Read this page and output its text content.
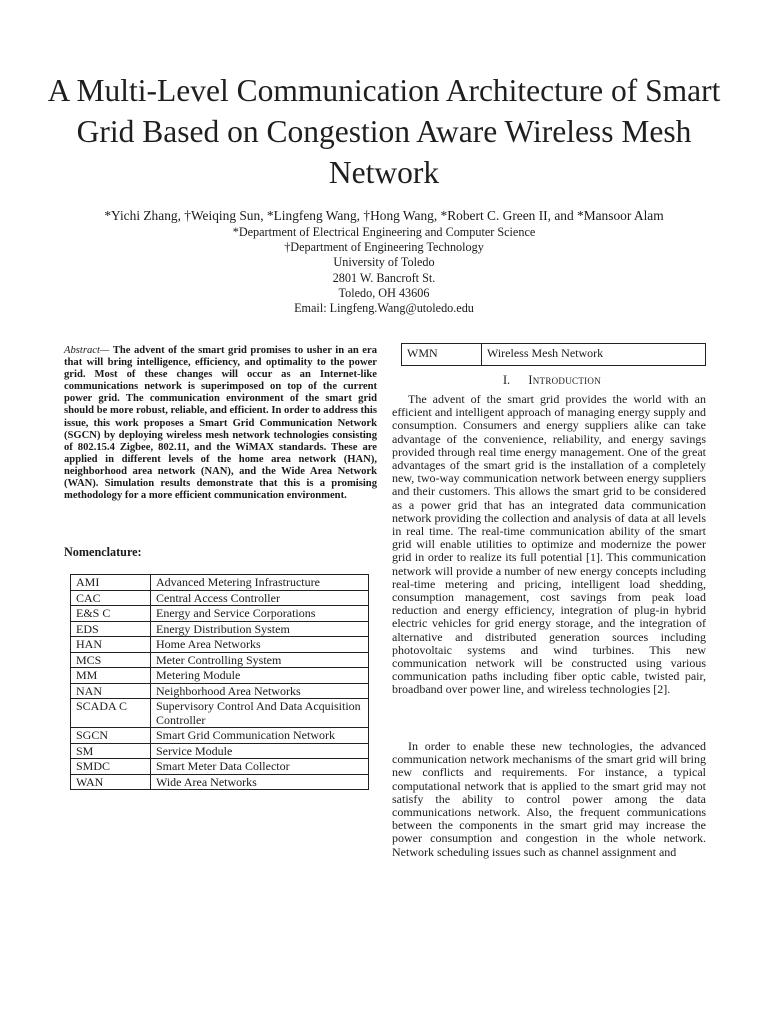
A Multi-Level Communication Architecture of Smart Grid Based on Congestion Aware Wireless Mesh Network
*Yichi Zhang, †Weiqing Sun, *Lingfeng Wang, †Hong Wang, *Robert C. Green II, and *Mansoor Alam
*Department of Electrical Engineering and Computer Science
†Department of Engineering Technology
University of Toledo
2801 W. Bancroft St.
Toledo, OH 43606
Email: Lingfeng.Wang@utoledo.edu
Abstract— The advent of the smart grid promises to usher in an era that will bring intelligence, efficiency, and optimality to the power grid. Most of these changes will occur as an Internet-like communications network is superimposed on top of the current power grid. The communication environment of the smart grid should be more robust, reliable, and efficient. In order to address this issue, this work proposes a Smart Grid Communication Network (SGCN) by deploying wireless mesh network technologies consisting of 802.15.4 Zigbee, 802.11, and the WiMAX standards. These are applied in different levels of the home area network (HAN), neighborhood area network (NAN), and the Wide Area Network (WAN). Simulation results demonstrate that this is a promising methodology for a more efficient communication environment.
Nomenclature:
AMI	Advanced Metering Infrastructure
CAC	Central Access Controller
E&S C	Energy and Service Corporations
EDS	Energy Distribution System
HAN	Home Area Networks
MCS	Meter Controlling System
MM	Metering Module
NAN	Neighborhood Area Networks
SCADA C	Supervisory Control And Data Acquisition Controller
SGCN	Smart Grid Communication Network
SM	Service Module
SMDC	Smart Meter Data Collector
WAN	Wide Area Networks
WMN	Wireless Mesh Network
I. Introduction

The advent of the smart grid provides the world with an efficient and intelligent approach of managing energy supply and consumption. Consumers and energy suppliers alike can take advantage of the convenience, reliability, and energy savings provided through real time energy management. One of the great advantages of the smart grid is the installation of a completely new, two-way communication network between energy suppliers and their customers. This allows the smart grid to be considered as a power grid that has an integrated data communication network providing the collection and analysis of data at all levels in real time. The real-time communication ability of the smart grid will enable utilities to optimize and modernize the power grid in order to realize its full potential [1]. This communication network will provide a number of new energy concepts including real-time metering and pricing, intelligent load shedding, consumption management, cost savings from peak load reduction and energy efficiency, integration of plug-in hybrid electric vehicles for grid energy storage, and the integration of alternative and distributed generation sources including photovoltaic systems and wind turbines. This new communication network will be constructed using various communication paths including fiber optic cable, twisted pair, broadband over power line, and wireless technologies [2].

In order to enable these new technologies, the advanced communication network mechanisms of the smart grid will bring new conflicts and requirements. For instance, a typical computational network that is applied to the smart grid may not satisfy the ability to control power among the data communications network. Also, the frequent communications between the components in the smart grid may increase the power consumption and congestion in the whole network. Network scheduling issues such as channel assignment and
